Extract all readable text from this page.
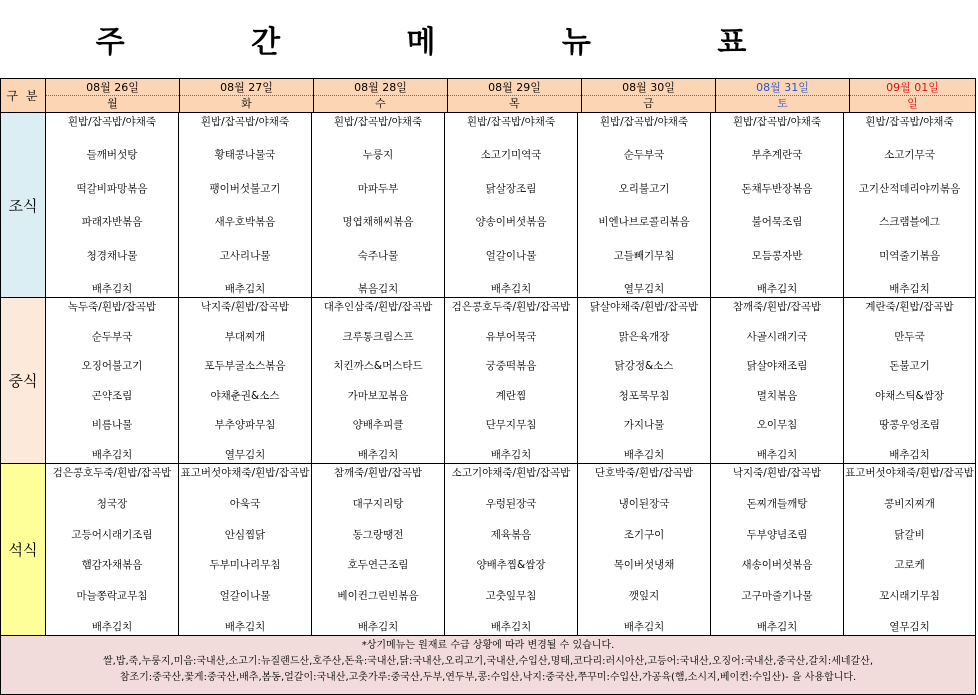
주 간 메 뉴 표
구 분
08월 26일
월
08월 27일
화
08월 28일
수
08월 29일
목
08월 30일
금
08월 31일
토
09월 01일
일
조식
흰밥/잡곡밥/야채죽
들깨버섯탕
떡갈비파망볶음
파래자반볶음
청경채나물
배추김치
흰밥/잡곡밥/야채죽
황태콩나물국
팽이버섯불고기
새우호박볶음
고사리나물
배추김치
흰밥/잡곡밥/야채죽
누룽지
마파두부
명엽채해씨볶음
숙주나물
볶음김치
흰밥/잡곡밥/야채죽
소고기미역국
닭살장조림
양송이버섯볶음
얼갈이나물
배추김치
흰밥/잡곡밥/야채죽
순두부국
오리불고기
비엔나브로콜리볶음
고들빼기무침
열무김치
흰밥/잡곡밥/야채죽
부추계란국
돈채두반장볶음
불어묵조림
모듬콩자반
배추김치
흰밥/잡곡밥/야채죽
소고기무국
고기산적데리야끼볶음
스크램블에그
미역줄기볶음
배추김치
중식
녹두죽/흰밥/잡곡밥
순두부국
오징어불고기
곤약조림
비름나물
배추김치
낙지죽/흰밥/잡곡밥
부대찌개
포두부굴소스볶음
야채춘권&소스
부추양파무침
열무김치
대추인삼죽/흰밥/잡곡밥
크루통크림스프
치킨까스&머스타드
가마보꼬볶음
양배추피클
배추김치
검은콩호두죽/흰밥/잡곡밥
유부어묵국
궁중떡볶음
계란찜
단무지무침
배추김치
닭살야채죽/흰밥/잡곡밥
맑은육개장
닭강정&소스
청포묵무침
가지나물
배추김치
참깨죽/흰밥/잡곡밥
사골시래기국
닭살야채조림
멸치볶음
오이무침
배추김치
계란죽/흰밥/잡곡밥
만두국
돈불고기
야채스틱&쌈장
땅콩우엉조림
배추김치
석식
검은콩호두죽/흰밥/잡곡밥
청국장
고등어시래기조림
햄감자채볶음
마늘쫑락교무침
배추김치
표고버섯야채죽/흰밥/잡곡밥
아욱국
안심찜닭
두부미나리무침
얼갈이나물
배추김치
참깨죽/흰밥/잡곡밥
대구지리탕
동그랑땡전
호두연근조림
베이컨그린빈볶음
배추김치
소고기야채죽/흰밥/잡곡밥
우렁된장국
제육볶음
양배추찜&쌈장
고춧잎무침
배추김치
단호박죽/흰밥/잡곡밥
냉이된장국
조기구이
목이버섯냉채
깻잎지
배추김치
낙지죽/흰밥/잡곡밥
돈찌개들깨탕
두부양념조림
새송이버섯볶음
고구마줄기나물
배추김치
표고버섯야채죽/흰밥/잡곡밥
콩비지찌개
닭갈비
고로케
꼬시래기무침
열무김치
*상기메뉴는 원재료 수급 상황에 따라 변경될 수 있습니다.
쌀,밥,죽,누룽지,미음:국내산,소고기:뉴질랜드산,호주산,돈육:국내산,닭:국내산,오리고기,국내산,수입산,명태,코다리:러시아산,고등어:국내산,오징어:국내산,중국산,갈치:세네갈산,
참조기:중국산,꽃게:중국산,배추,봄동,얼갈이:국내산,고춧가루:중국산,두부,연두부,콩:수입산,낙지:중국산,쭈꾸미:수입산,가공육(햄,소시지,베이컨:수입산)- 을 사용합니다.
